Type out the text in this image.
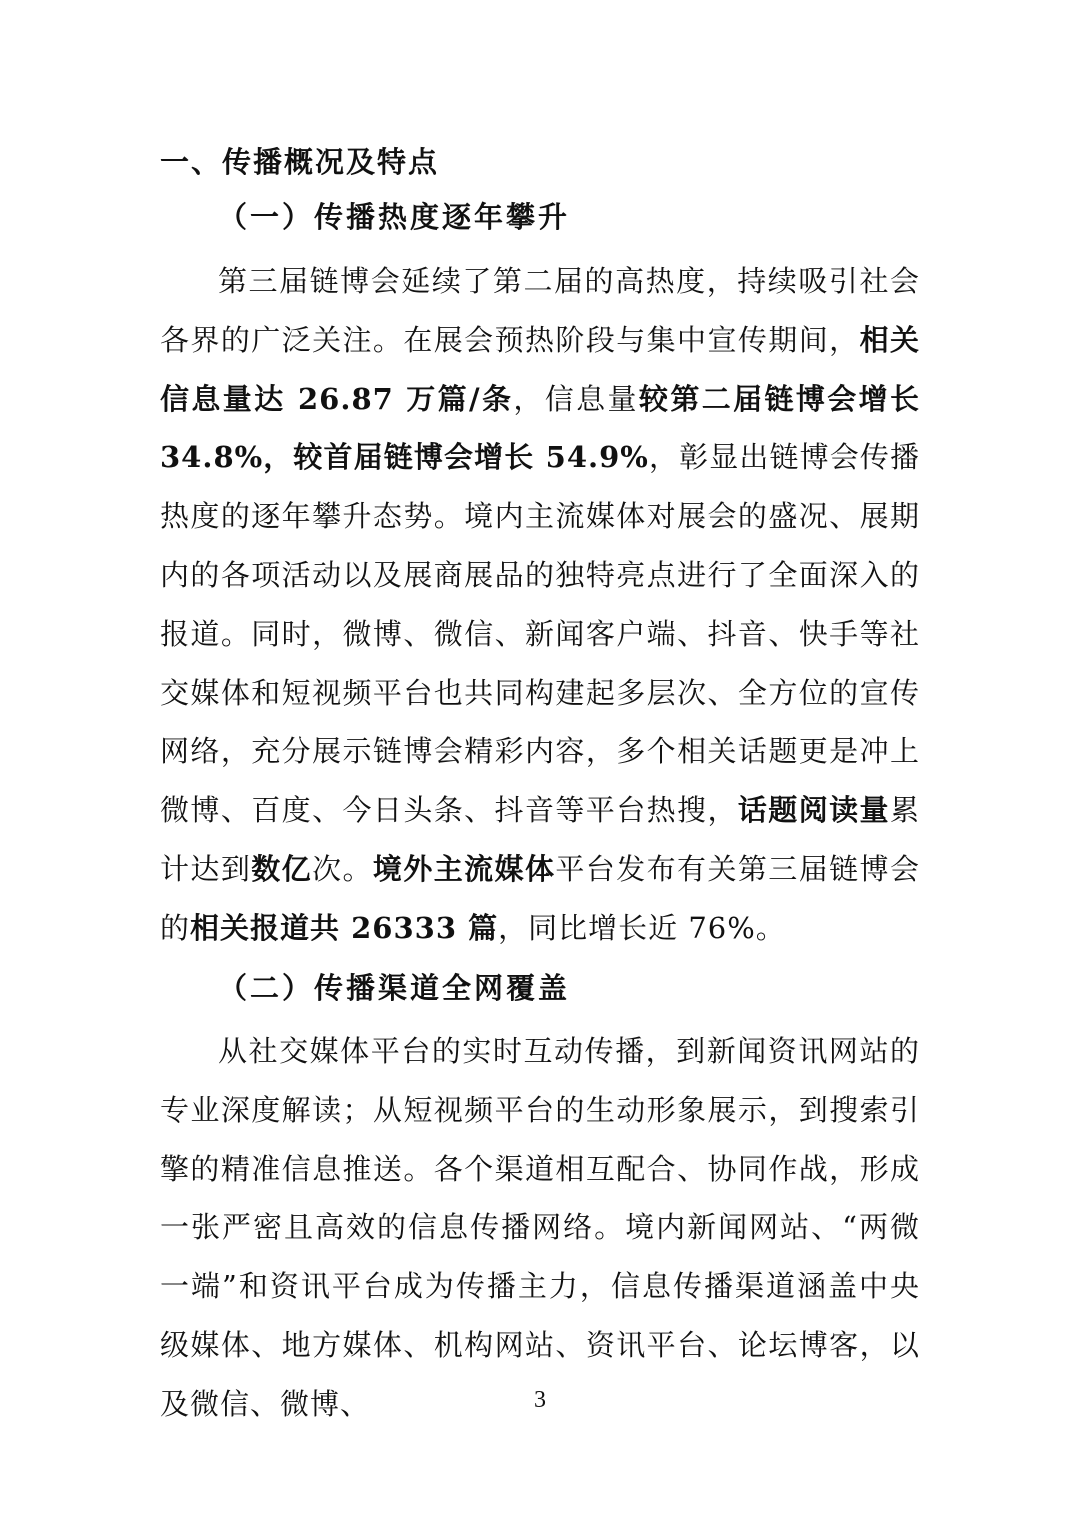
一、传播概况及特点
（一）传播热度逐年攀升
第三届链博会延续了第二届的高热度，持续吸引社会各界的广泛关注。在展会预热阶段与集中宣传期间，相关信息量达 26.87 万篇/条，信息量较第二届链博会增长 34.8%，较首届链博会增长 54.9%，彰显出链博会传播热度的逐年攀升态势。境内主流媒体对展会的盛况、展期内的各项活动以及展商展品的独特亮点进行了全面深入的报道。同时，微博、微信、新闻客户端、抖音、快手等社交媒体和短视频平台也共同构建起多层次、全方位的宣传网络，充分展示链博会精彩内容，多个相关话题更是冲上微博、百度、今日头条、抖音等平台热搜，话题阅读量累计达到数亿次。境外主流媒体平台发布有关第三届链博会的相关报道共 26333 篇，同比增长近 76%。
（二）传播渠道全网覆盖
从社交媒体平台的实时互动传播，到新闻资讯网站的专业深度解读；从短视频平台的生动形象展示，到搜索引擎的精准信息推送。各个渠道相互配合、协同作战，形成一张严密且高效的信息传播网络。境内新闻网站、“两微一端”和资讯平台成为传播主力，信息传播渠道涵盖中央级媒体、地方媒体、机构网站、资讯平台、论坛博客，以及微信、微博、	3
